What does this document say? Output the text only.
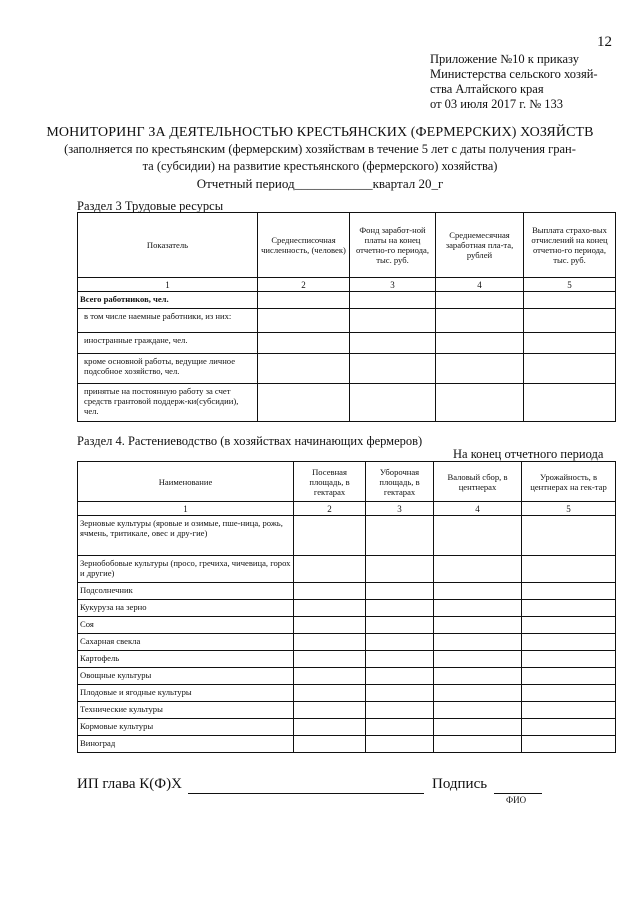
12
Приложение №10 к приказу
Министерства сельского хозяй-
ства Алтайского края
от 03 июля 2017 г. № 133
МОНИТОРИНГ ЗА ДЕЯТЕЛЬНОСТЬЮ КРЕСТЬЯНСКИХ (ФЕРМЕРСКИХ) ХОЗЯЙСТВ
(заполняется по крестьянским (фермерским) хозяйствам в течение 5 лет с даты получения гран-
та (субсидии) на развитие крестьянского (фермерского) хозяйства)
Отчетный период____________квартал 20_г
Раздел 3 Трудовые ресурсы
Показатель	Среднесписочная численность, (человек)	Фонд заработ-ной платы на конец отчетно-го периода, тыс. руб.	Среднемесячная заработная пла-та, рублей	Выплата страхо-вых отчислений на конец отчетно-го периода, тыс. руб.
1	2	3	4	5
Всего работников, чел.				
в том числе наемные работники, из них:				
иностранные граждане, чел.				
кроме основной работы, ведущие личное подсобное хозяйство, чел.				
принятые на постоянную работу за счет средств грантовой поддерж-ки(субсидии), чел.				
Раздел 4. Растениеводство (в хозяйствах начинающих фермеров)
На конец отчетного периода
Наименование	Посевная площадь, в гектарах	Уборочная площадь, в гектарах	Валовый сбор, в центнерах	Урожайность, в центнерах на гек-тар
1	2	3	4	5
Зерновые культуры (яровые и озимые, пше-ница, рожь, ячмень, тритикале, овес и дру-гие)				
Зернобобовые культуры (просо, гречиха, чичевица, горох и другие)				
Подсолнечник				
Кукуруза на зерно				
Соя				
Сахарная свекла				
Картофель				
Овощные культуры				
Плодовые и ягодные культуры				
Технические культуры				
Кормовые культуры				
Виноград				
ИП глава К(Ф)Х	Подпись
ФИО
